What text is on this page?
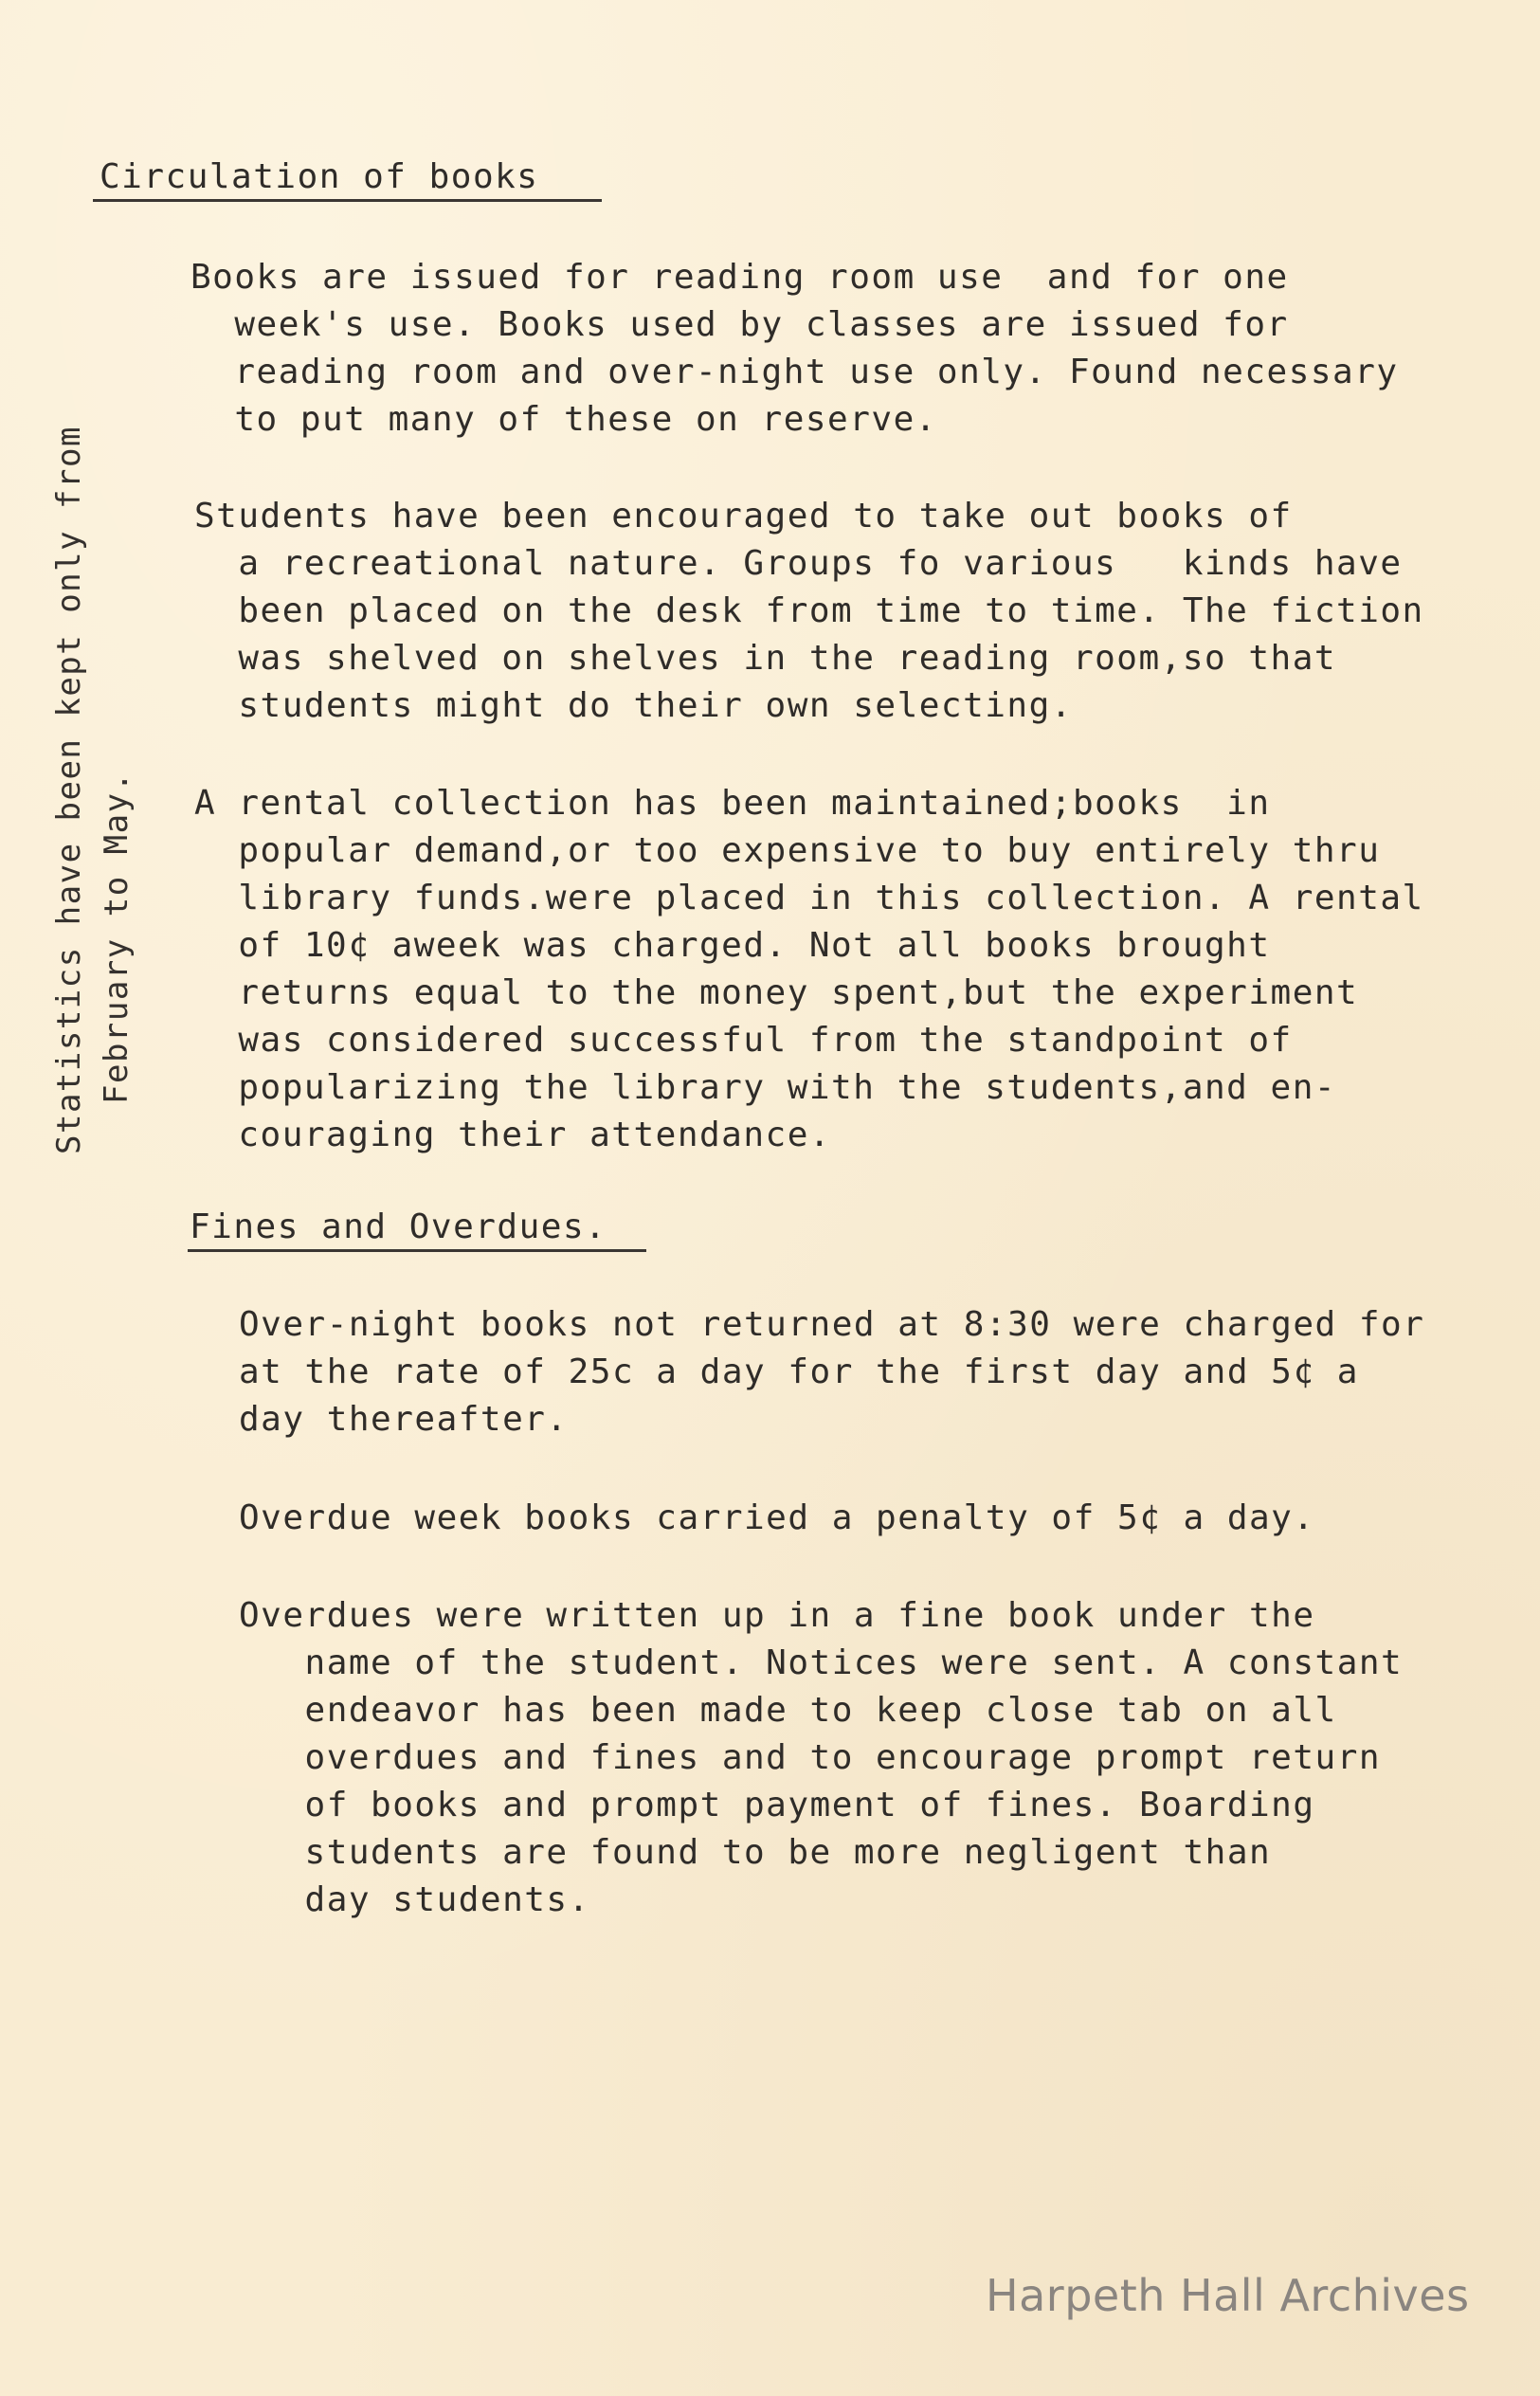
Statistics have been kept only from February to May.
Circulation of books
Books are issued for reading room use  and for one
week's use. Books used by classes are issued for
reading room and over-night use only. Found necessary
to put many of these on reserve.
Students have been encouraged to take out books of
a recreational nature. Groups fo various   kinds have
been placed on the desk from time to time. The fiction
was shelved on shelves in the reading room,so that
students might do their own selecting.
A rental collection has been maintained;books  in
popular demand,or too expensive to buy entirely thru
library funds.were placed in this collection. A rental
of 10¢ aweek was charged. Not all books brought
returns equal to the money spent,but the experiment
was considered successful from the standpoint of
popularizing the library with the students,and en-
couraging their attendance.
Fines and Overdues.
Over-night books not returned at 8:30 were charged for
at the rate of 25c a day for the first day and 5¢ a
day thereafter.
Overdue week books carried a penalty of 5¢ a day.
Overdues were written up in a fine book under the
name of the student. Notices were sent. A constant
endeavor has been made to keep close tab on all
overdues and fines and to encourage prompt return
of books and prompt payment of fines. Boarding
students are found to be more negligent than
day students.
Harpeth Hall Archives
